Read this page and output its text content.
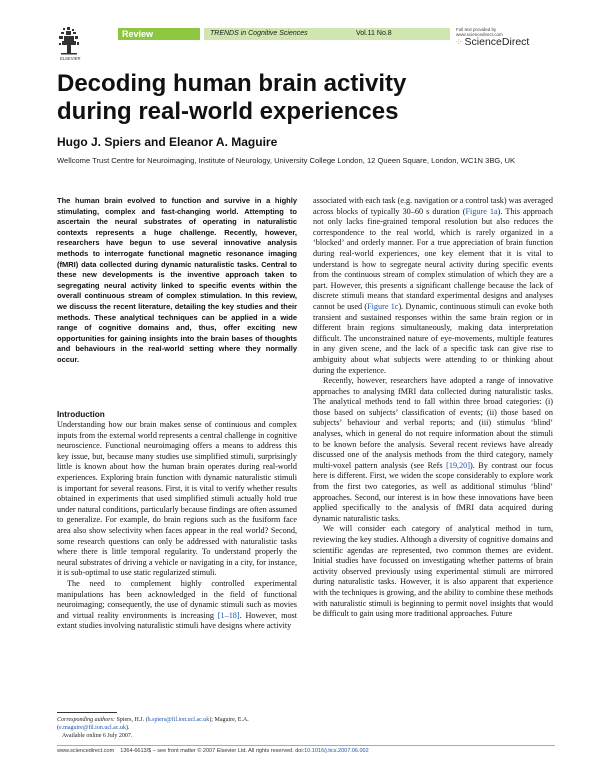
ELSEVIER
Review	TRENDS in Cognitive Sciences	Vol.11 No.8
Full text provided by
www.sciencedirect.com
⁘ ScienceDirect
Decoding human brain activity during real-world experiences
Hugo J. Spiers and Eleanor A. Maguire
Wellcome Trust Centre for Neuroimaging, Institute of Neurology, University College London, 12 Queen Square, London, WC1N 3BG, UK

The human brain evolved to function and survive in a highly stimulating, complex and fast-changing world. Attempting to ascertain the neural substrates of operating in naturalistic contexts represents a huge challenge. Recently, however, researchers have begun to use several innovative analysis methods to interrogate functional magnetic resonance imaging (fMRI) data collected during dynamic naturalistic tasks. Central to these new developments is the inventive approach taken to segregating neural activity linked to specific events within the overall continuous stream of complex stimulation. In this review, we discuss the recent literature, detailing the key studies and their methods. These analytical techniques can be applied in a wide range of cognitive domains and, thus, offer exciting new opportunities for gaining insights into the brain bases of thoughts and behaviours in the real-world setting where they normally occur.

Introduction

Understanding how our brain makes sense of continuous and complex inputs from the external world represents a central challenge in cognitive neuroscience. Functional neuroimaging offers a means to address this key issue, but, because many studies use simplified stimuli, surprisingly little is known about how the human brain operates during real-world experiences. Exploring brain function with dynamic naturalistic stimuli is important for several reasons. First, it is vital to verify whether results obtained in experiments that used simplified stimuli actually hold true under natural conditions, particularly because findings are often assumed to generalize. For example, do brain regions such as the fusiform face area also show selectivity when faces appear in the real world? Second, some research questions can only be addressed with naturalistic tasks where there is little temporal regularity. To understand properly the neural substrates of driving a vehicle or navigating in a city, for instance, it is sub-optimal to use static regularized stimuli.

The need to complement highly controlled experimental manipulations has been acknowledged in the field of functional neuroimaging; consequently, the use of dynamic stimuli such as movies and virtual reality environments is increasing [1–18]. However, most extant studies involving naturalistic stimuli have designs where activity

associated with each task (e.g. navigation or a control task) was averaged across blocks of typically 30–60 s duration (Figure 1a). This approach not only lacks fine-grained temporal resolution but also reduces the correspondence to the real world, which is rarely organized in a ‘blocked’ and orderly manner. For a true appreciation of brain function during real-world experiences, one key element that it is vital to understand is how to segregate neural activity during specific events from the continuous stream of complex stimulation of which they are a part. However, this presents a significant challenge because the lack of discrete stimuli means that standard experimental designs and analyses cannot be used (Figure 1c). Dynamic, continuous stimuli can evoke both transient and sustained responses within the same brain region or in different brain regions simultaneously, making data interpretation difficult. The unconstrained nature of eye-movements, multiple features in any given scene, and the lack of a specific task can give rise to ambiguity about what subjects were attending to or thinking about during the experience.

Recently, however, researchers have adopted a range of innovative approaches to analysing fMRI data collected during naturalistic tasks. The analytical methods tend to fall within three broad categories: (i) those based on subjects’ classification of events; (ii) those based on subjects’ behaviour and verbal reports; and (iii) stimulus ‘blind’ analyses, which in general do not require information about the stimuli to be known before the analysis. Several recent reviews have already discussed one of the analysis methods from the third category, namely multi-voxel pattern analysis (see Refs [19,20]). By contrast our focus here is different. First, we widen the scope considerably to explore work from the first two categories, as well as additional stimulus ‘blind’ approaches. Second, our interest is in how these innovations have been applied specifically to the analysis of fMRI data acquired during dynamic naturalistic tasks.

We will consider each category of analytical method in turn, reviewing the key studies. Although a diversity of cognitive domains and scientific agendas are represented, two common themes are evident. Initial studies have focussed on investigating whether patterns of brain activity observed previously using experimental stimuli are mirrored during naturalistic tasks. However, it is also apparent that experience with the techniques is growing, and the ability to combine these methods with naturalistic stimuli is beginning to permit novel insights that would be difficult to gain using more traditional approaches. Future

Corresponding authors: Spiers, H.J. (h.spiers@fil.ion.ucl.ac.uk); Maguire, E.A. (e.maguire@fil.ion.ucl.ac.uk).
Available online 6 July 2007.
www.sciencedirect.com 1364-6613/$ – see front matter © 2007 Elsevier Ltd. All rights reserved. doi:10.1016/j.tics.2007.06.002
